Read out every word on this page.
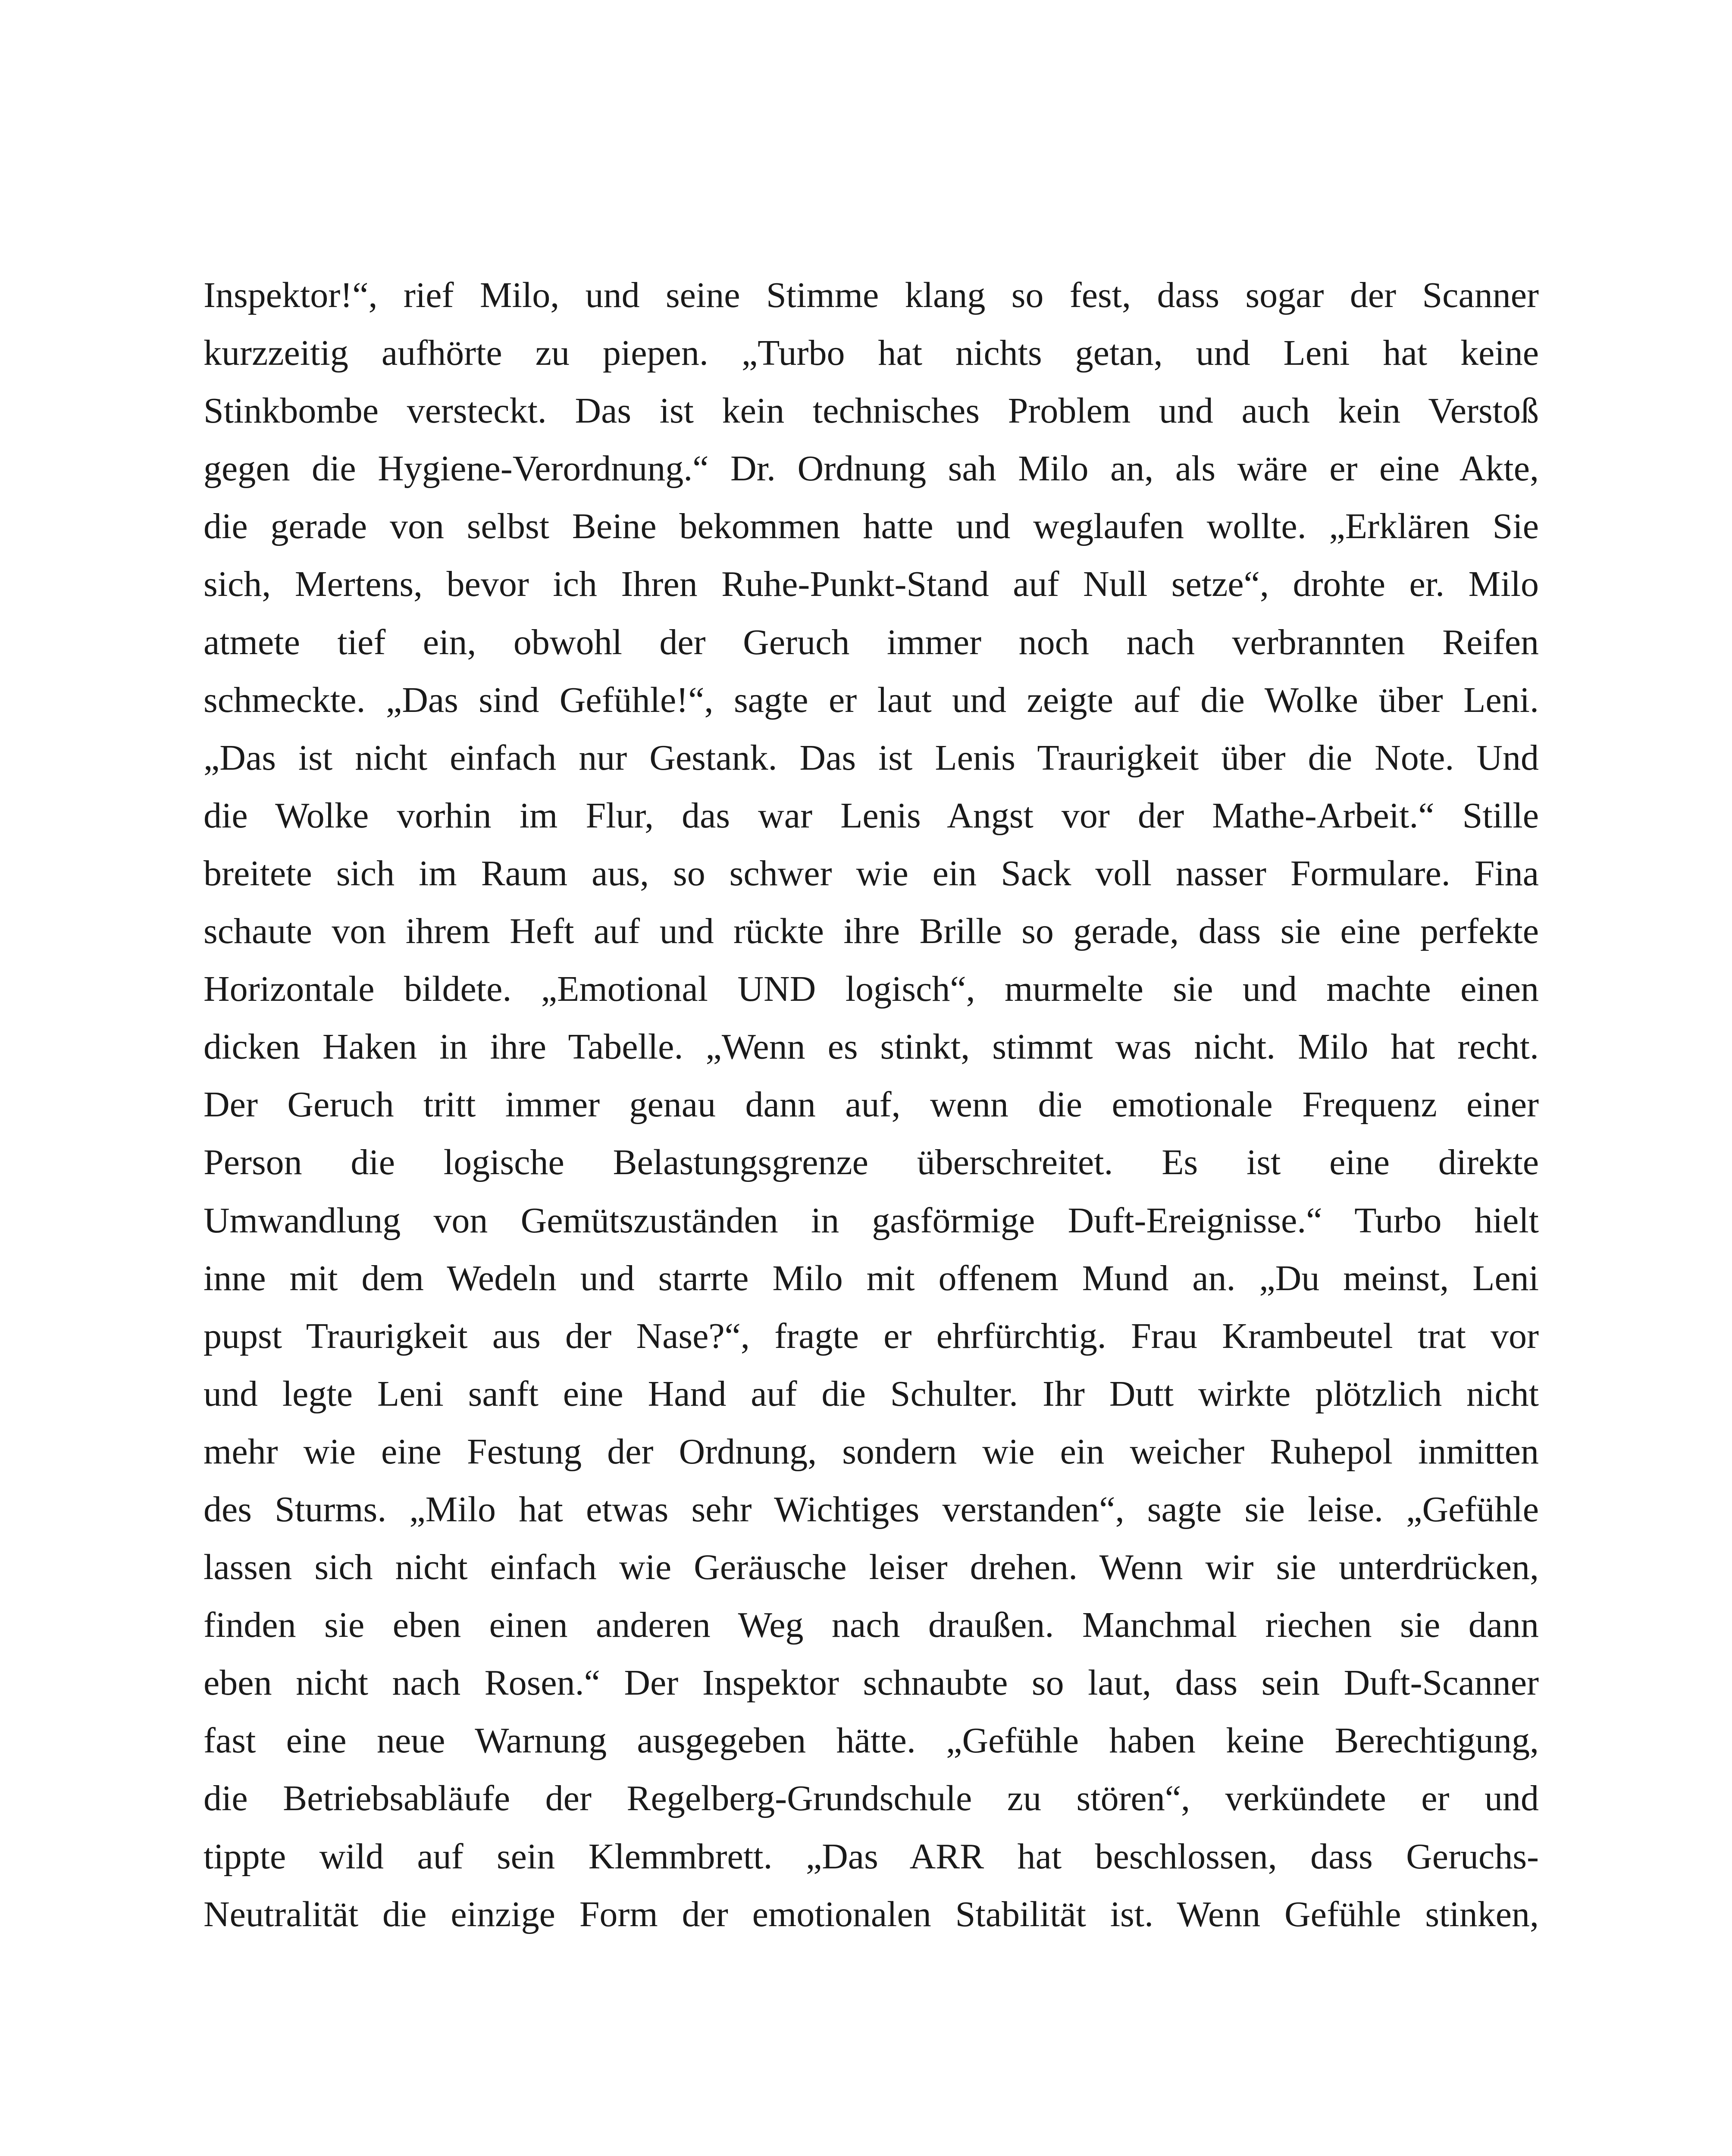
Inspektor!“, rief Milo, und seine Stimme klang so fest, dass sogar der Scanner
kurzzeitig aufhörte zu piepen. „Turbo hat nichts getan, und Leni hat keine
Stinkbombe versteckt. Das ist kein technisches Problem und auch kein Verstoß
gegen die Hygiene-Verordnung.“ Dr. Ordnung sah Milo an, als wäre er eine Akte,
die gerade von selbst Beine bekommen hatte und weglaufen wollte. „Erklären Sie
sich, Mertens, bevor ich Ihren Ruhe-Punkt-Stand auf Null setze“, drohte er. Milo
atmete tief ein, obwohl der Geruch immer noch nach verbrannten Reifen
schmeckte. „Das sind Gefühle!“, sagte er laut und zeigte auf die Wolke über Leni.
„Das ist nicht einfach nur Gestank. Das ist Lenis Traurigkeit über die Note. Und
die Wolke vorhin im Flur, das war Lenis Angst vor der Mathe-Arbeit.“ Stille
breitete sich im Raum aus, so schwer wie ein Sack voll nasser Formulare. Fina
schaute von ihrem Heft auf und rückte ihre Brille so gerade, dass sie eine perfekte
Horizontale bildete. „Emotional UND logisch“, murmelte sie und machte einen
dicken Haken in ihre Tabelle. „Wenn es stinkt, stimmt was nicht. Milo hat recht.
Der Geruch tritt immer genau dann auf, wenn die emotionale Frequenz einer
Person die logische Belastungsgrenze überschreitet. Es ist eine direkte
Umwandlung von Gemütszuständen in gasförmige Duft-Ereignisse.“ Turbo hielt
inne mit dem Wedeln und starrte Milo mit offenem Mund an. „Du meinst, Leni
pupst Traurigkeit aus der Nase?“, fragte er ehrfürchtig. Frau Krambeutel trat vor
und legte Leni sanft eine Hand auf die Schulter. Ihr Dutt wirkte plötzlich nicht
mehr wie eine Festung der Ordnung, sondern wie ein weicher Ruhepol inmitten
des Sturms. „Milo hat etwas sehr Wichtiges verstanden“, sagte sie leise. „Gefühle
lassen sich nicht einfach wie Geräusche leiser drehen. Wenn wir sie unterdrücken,
finden sie eben einen anderen Weg nach draußen. Manchmal riechen sie dann
eben nicht nach Rosen.“ Der Inspektor schnaubte so laut, dass sein Duft-Scanner
fast eine neue Warnung ausgegeben hätte. „Gefühle haben keine Berechtigung,
die Betriebsabläufe der Regelberg-Grundschule zu stören“, verkündete er und
tippte wild auf sein Klemmbrett. „Das ARR hat beschlossen, dass Geruchs-
Neutralität die einzige Form der emotionalen Stabilität ist. Wenn Gefühle stinken,
